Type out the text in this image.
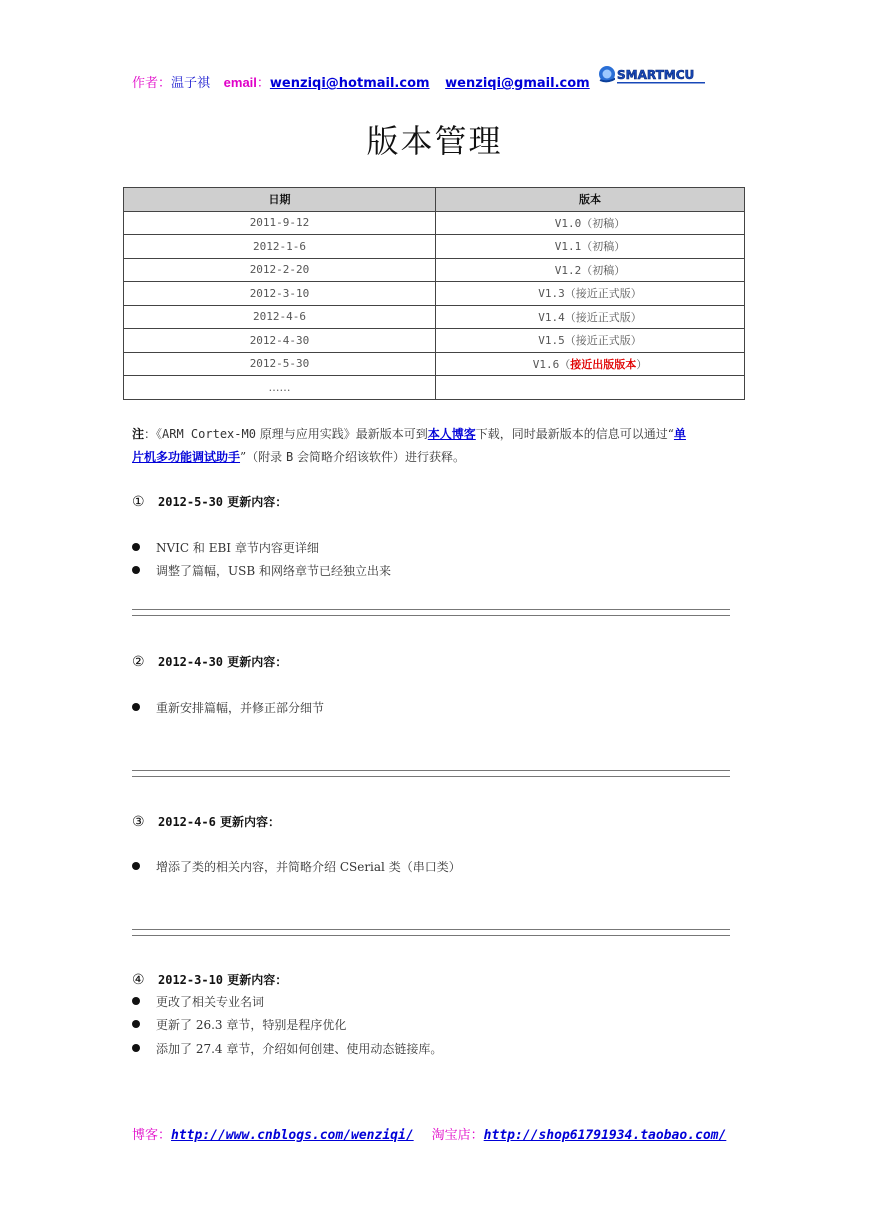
作者：温子祺 email：wenziqi@hotmail.com wenziqi@gmail.com
SMARTMCU
版本管理
日期	版本
2011-9-12	V1.0（初稿）
2012-1-6	V1.1（初稿）
2012-2-20	V1.2（初稿）
2012-3-10	V1.3（接近正式版）
2012-4-6	V1.4（接近正式版）
2012-4-30	V1.5（接近正式版）
2012-5-30	V1.6（接近出版版本）
……	
注：《ARM Cortex-M0 原理与应用实践》最新版本可到本人博客下载，同时最新版本的信息可以通过“单
片机多功能调试助手”（附录 B 会简略介绍该软件）进行获释。
① 2012-5-30 更新内容：
NVIC 和 EBI 章节内容更详细
调整了篇幅，USB 和网络章节已经独立出来
② 2012-4-30 更新内容：
重新安排篇幅，并修正部分细节
③ 2012-4-6 更新内容：
增添了类的相关内容，并简略介绍 CSerial 类（串口类）
④ 2012-3-10 更新内容：
更改了相关专业名词
更新了 26.3 章节，特别是程序优化
添加了 27.4 章节，介绍如何创建、使用动态链接库。
博客：http://www.cnblogs.com/wenziqi/ 淘宝店：http://shop61791934.taobao.com/
